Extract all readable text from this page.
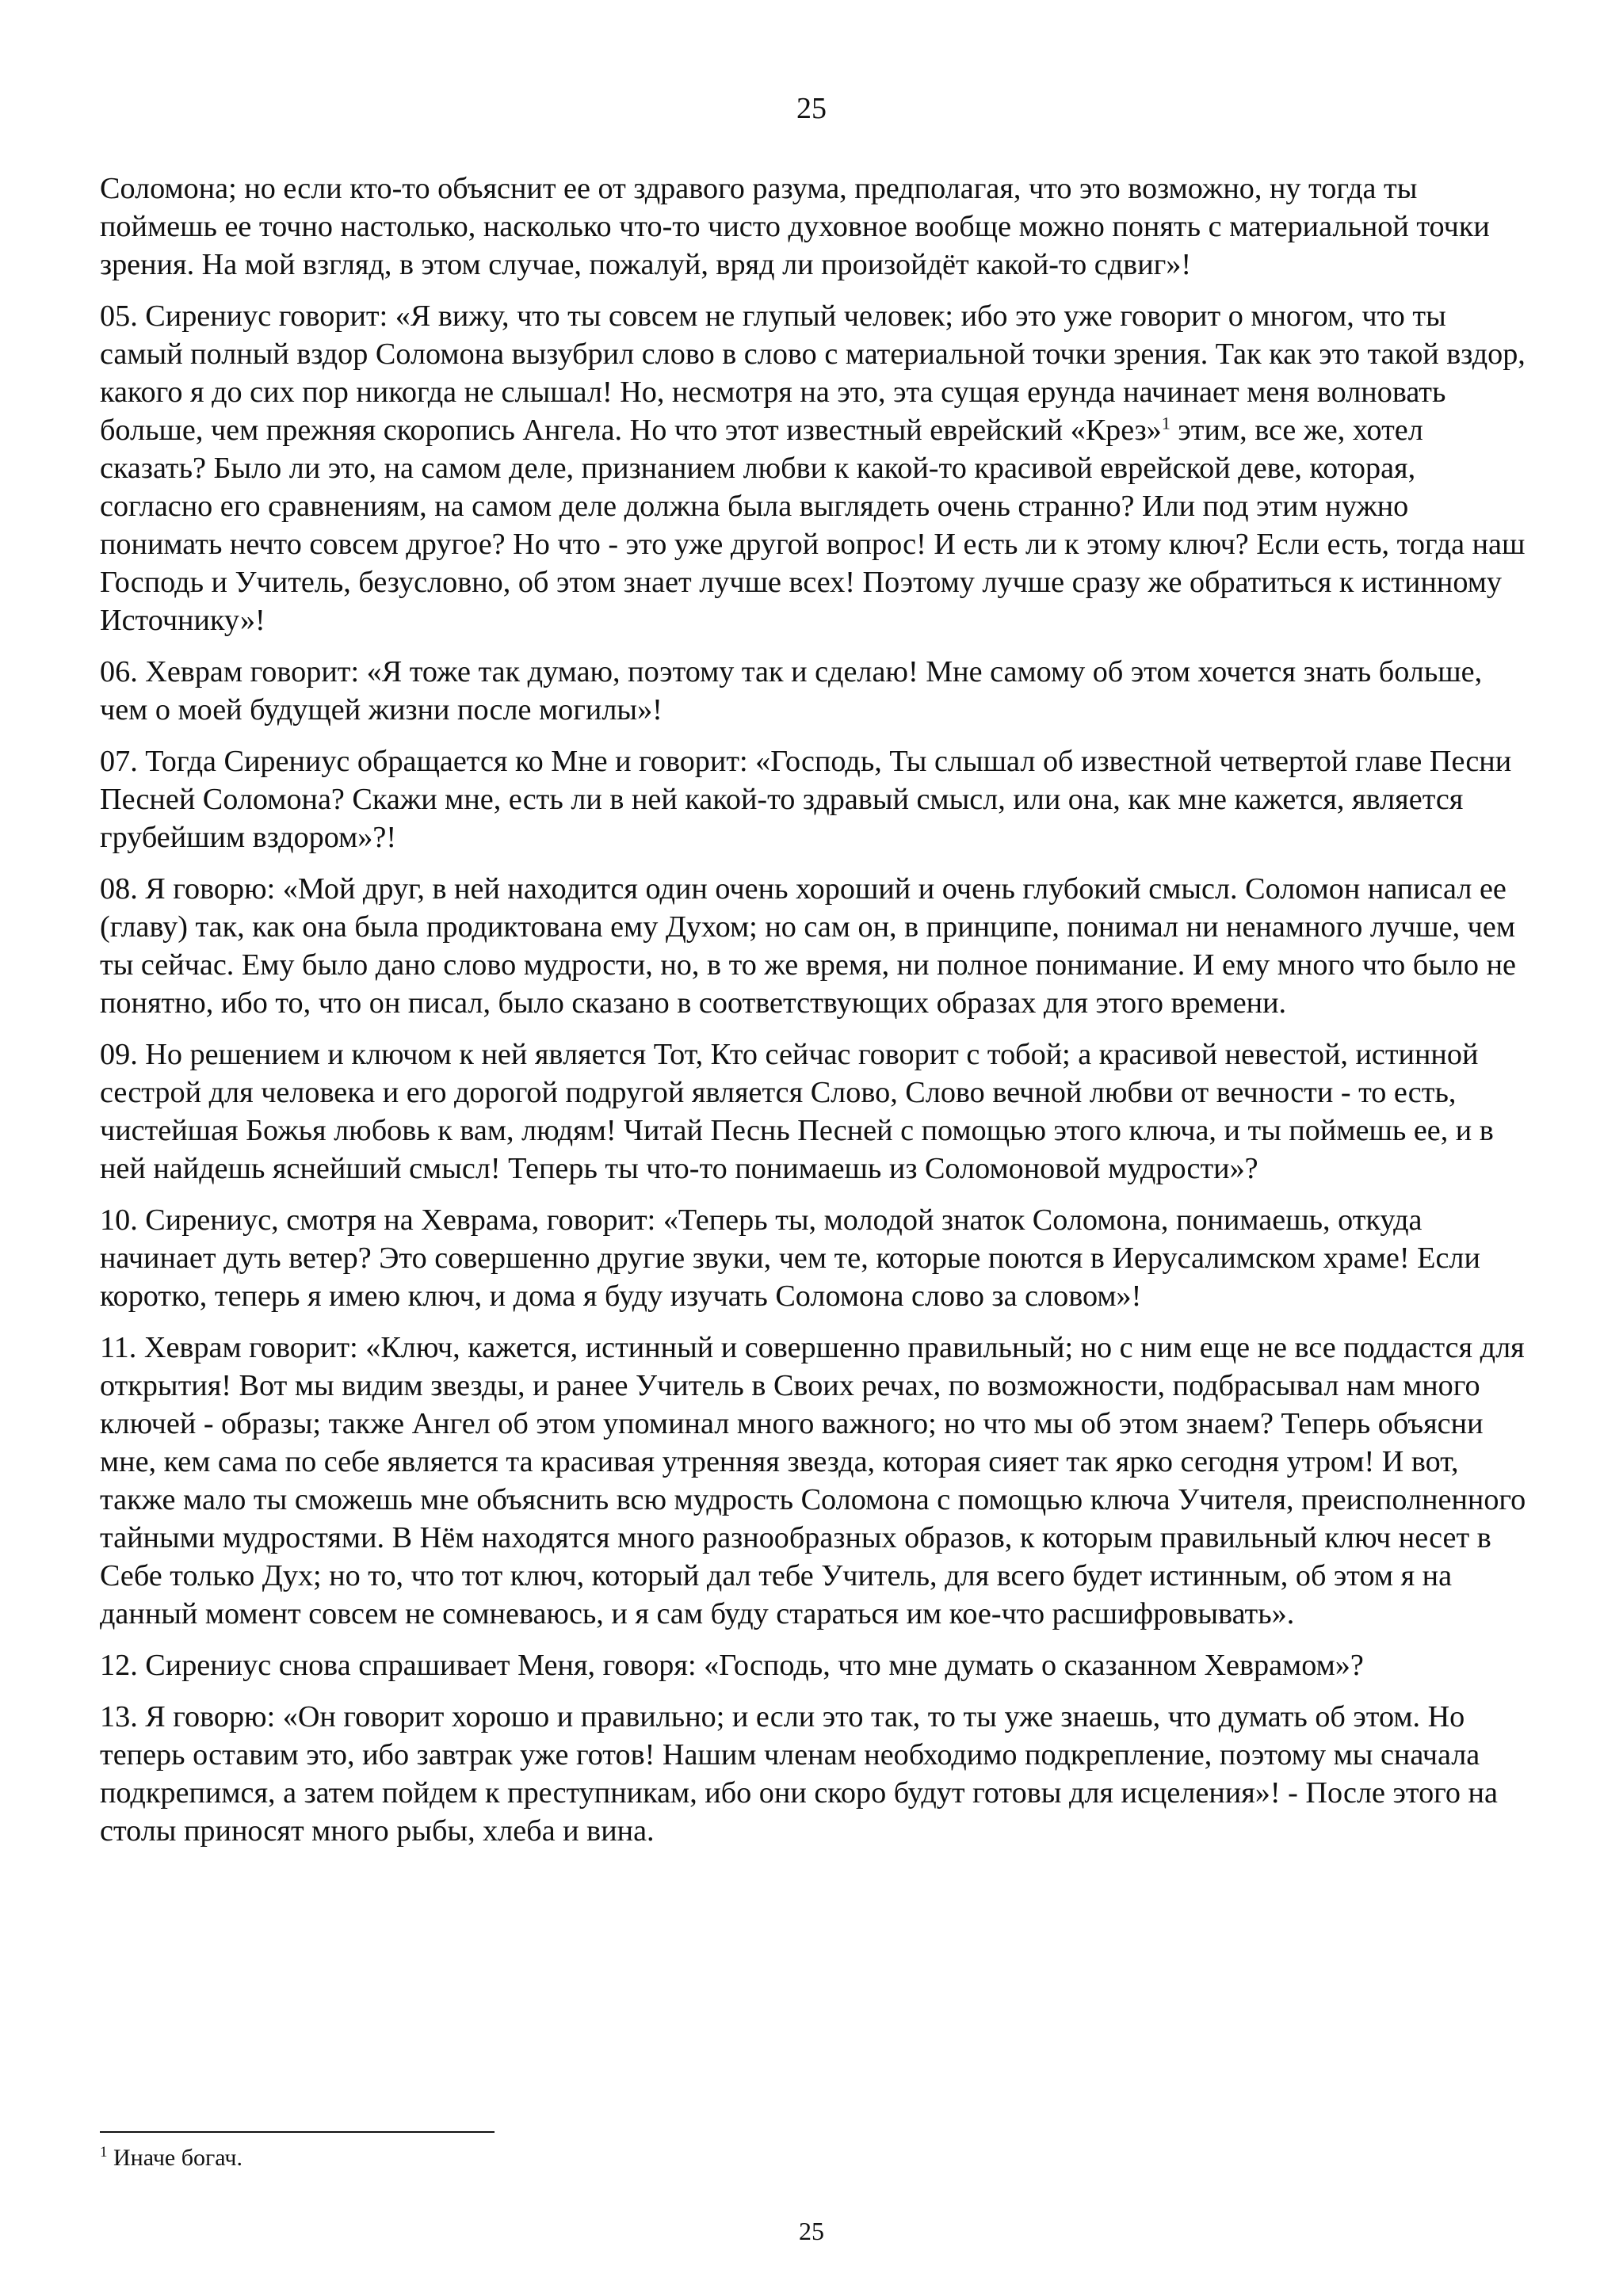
25

Соломона; но если кто-то объяснит ее от здравого разума, предполагая, что это возможно, ну тогда ты поймешь ее точно настолько, насколько что-то чисто духовное вообще можно понять с материальной точки зрения. На мой взгляд, в этом случае, пожалуй, вряд ли произойдёт какой-то сдвиг»!

05. Сирениус говорит: «Я вижу, что ты совсем не глупый человек; ибо это уже говорит о многом, что ты самый полный вздор Соломона вызубрил слово в слово с материальной точки зрения. Так как это такой вздор, какого я до сих пор никогда не слышал! Но, несмотря на это, эта сущая ерунда начинает меня волновать больше, чем прежняя скоропись Ангела. Но что этот известный еврейский «Крез»$^1$ этим, все же, хотел сказать? Было ли это, на самом деле, признанием любви к какой-то красивой еврейской деве, которая, согласно его сравнениям, на самом деле должна была выглядеть очень странно? Или под этим нужно понимать нечто совсем другое? Но что - это уже другой вопрос! И есть ли к этому ключ? Если есть, тогда наш Господь и Учитель, безусловно, об этом знает лучше всех! Поэтому лучше сразу же обратиться к истинному Источнику»!

06. Хеврам говорит: «Я тоже так думаю, поэтому так и сделаю! Мне самому об этом хочется знать больше, чем о моей будущей жизни после могилы»!

07. Тогда Сирениус обращается ко Мне и говорит: «Господь, Ты слышал об известной четвертой главе Песни Песней Соломона? Скажи мне, есть ли в ней какой-то здравый смысл, или она, как мне кажется, является грубейшим вздором»?!

08. Я говорю: «Мой друг, в ней находится один очень хороший и очень глубокий смысл. Соломон написал ее (главу) так, как она была продиктована ему Духом; но сам он, в принципе, понимал ни ненамного лучше, чем ты сейчас. Ему было дано слово мудрости, но, в то же время, ни полное понимание. И ему много что было не понятно, ибо то, что он писал, было сказано в соответствующих образах для этого времени.

09. Но решением и ключом к ней является Тот, Кто сейчас говорит с тобой; а красивой невестой, истинной сестрой для человека и его дорогой подругой является Слово, Слово вечной любви от вечности - то есть, чистейшая Божья любовь к вам, людям! Читай Песнь Песней с помощью этого ключа, и ты поймешь ее, и в ней найдешь яснейший смысл! Теперь ты что-то понимаешь из Соломоновой мудрости»?

10. Сирениус, смотря на Хеврама, говорит: «Теперь ты, молодой знаток Соломона, понимаешь, откуда начинает дуть ветер? Это совершенно другие звуки, чем те, которые поются в Иерусалимском храме! Если коротко, теперь я имею ключ, и дома я буду изучать Соломона слово за словом»!

11. Хеврам говорит: «Ключ, кажется, истинный и совершенно правильный; но с ним еще не все поддастся для открытия! Вот мы видим звезды, и ранее Учитель в Своих речах, по возможности, подбрасывал нам много ключей - образы; также Ангел об этом упоминал много важного; но что мы об этом знаем? Теперь объясни мне, кем сама по себе является та красивая утренняя звезда, которая сияет так ярко сегодня утром! И вот, также мало ты сможешь мне объяснить всю мудрость Соломона с помощью ключа Учителя, преисполненного тайными мудростями. В Нём находятся много разнообразных образов, к которым правильный ключ несет в Себе только Дух; но то, что тот ключ, который дал тебе Учитель, для всего будет истинным, об этом я на данный момент совсем не сомневаюсь, и я сам буду стараться им кое-что расшифровывать».

12. Сирениус снова спрашивает Меня, говоря: «Господь, что мне думать о сказанном Хеврамом»?

13. Я говорю: «Он говорит хорошо и правильно; и если это так, то ты уже знаешь, что думать об этом. Но теперь оставим это, ибо завтрак уже готов! Нашим членам необходимо подкрепление, поэтому мы сначала подкрепимся, а затем пойдем к преступникам, ибо они скоро будут готовы для исцеления»! - После этого на столы приносят много рыбы, хлеба и вина.

$^1$ Иначе богач.
25
